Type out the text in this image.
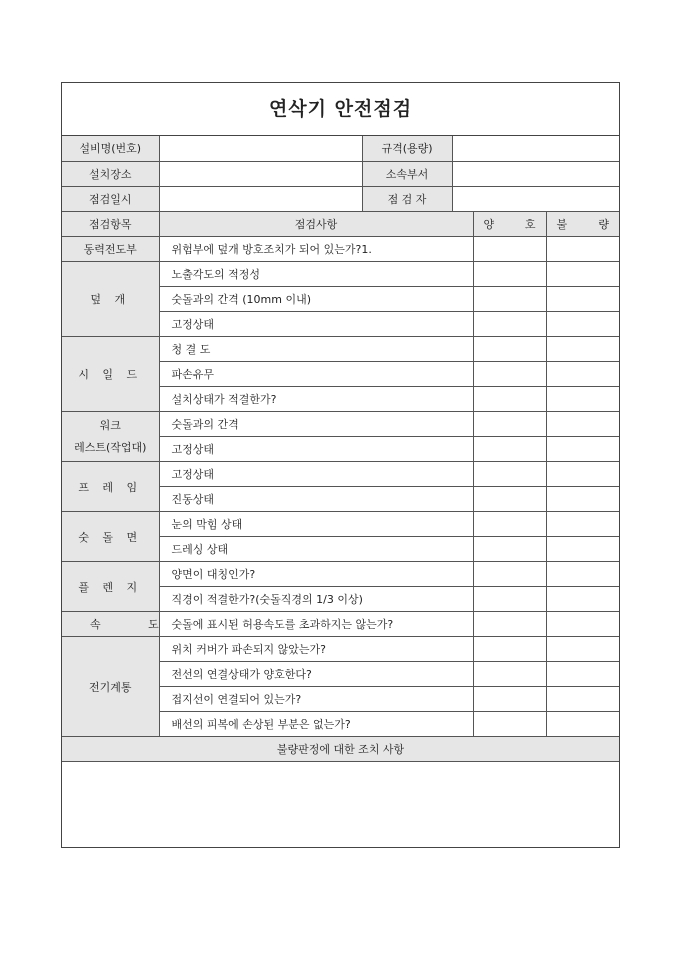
연삭기 안전점검
설비명(번호)		규격(용량)	
설치장소		소속부서	
점검일시		점 검 자	
점검항목	점검사항	양 호	불 량

동력전도부	위험부에 덮개 방호조치가 되어 있는가?1.		
덮 개	노출각도의 적정성		
	숫돌과의 간격 (10mm 이내)		
	고정상태		
시 일 드	청 결 도		
	파손유무		
	설치상태가 적결한가?		

워크
레스트(작업대)	숫돌과의 간격		
	고정상태		
프 레 임	고정상태		
	진동상태		
숫 돌 면	눈의 막힘 상태		
	드레싱 상태		
플 렌 지	양면이 대칭인가?		
	직경이 적결한가?(숫돌직경의 1/3 이상)		
속 도	숫돌에 표시된 허용속도를 초과하지는 않는가?		
전기계통	위치 커버가 파손되지 않았는가?		
	전선의 연결상태가 양호한다?		
	접지선이 연결되어 있는가?		
	배선의 피복에 손상된 부분은 없는가?		
불량판정에 대한 조치 사항			
